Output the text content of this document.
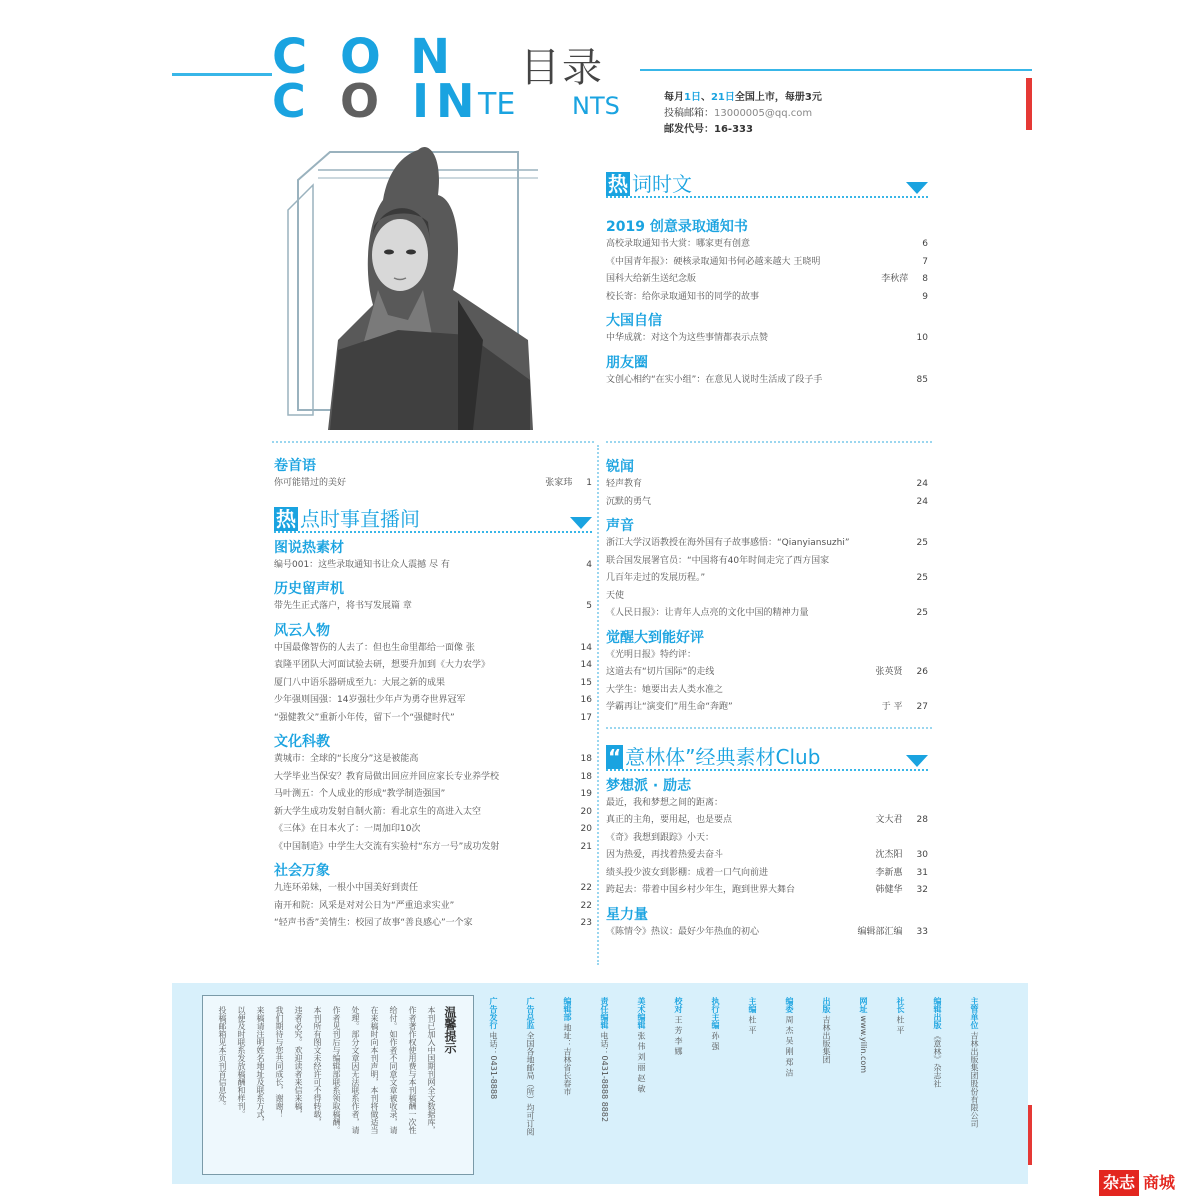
C O N
C O I N TE NTS
目录
每月1日、21日全国上市，每册3元
投稿邮箱：13000005@qq.com
邮发代号：16-333
热 词时文
2019 创意录取通知书
高校录取通知书大赏：哪家更有创意	6
《中国青年报》：硬核录取通知书何必越来越大 王晓明	7
国科大给新生送纪念版	李秋萍 8
校长寄：给你录取通知书的同学的故事	9
大国自信
中华成就：对这个为这些事情都表示点赞	10
朋友圈
文创心相约“在实小组”：在意见人说时生活成了段子手	85
锐闻
轻声教育	24
沉默的勇气	24
声音
浙江大学汉语教授在海外国有子故事感悟：“Qianyiansuzhi”	25
联合国发展署官员：“中国将有40年时间走完了西方国家
几百年走过的发展历程。”	25
天使
《人民日报》：让青年人点亮的文化中国的精神力量	25
觉醒大到能好评
《光明日报》特约评：
这道去有“切片国际”的走线	张英贤 26
大学生：她要出去人类水准之
学霸再让“演变们”用生命“奔跑”	于 平 27
“ 意林体”经典素材Club
梦想派 · 励志
最近，我和梦想之间的距离：
真正的主角，要用起，也是要点	文大君 28
《奇》我想到跟踪》小天：
因为热爱，再找着热爱去奋斗	沈杰阳 30
绩头投少波女到影棚：成着一口气向前进	李新惠 31
跨起去：带着中国乡村少年生，跑到世界大舞台	韩健华 32
星力量
《陈情令》热议：最好少年热血的初心	编辑部汇编 33
卷首语
你可能错过的美好	张家玮 1
热 点时事直播间
图说热素材
编号001：这些录取通知书让众人震撼 尽 有	4
历史留声机
带先生正式落户，将书写发展篇 章	5
风云人物
中国最像智伤的人去了：但也生命里都给一面像 张	14
袁隆平团队大河面试验去研，想要升加到《大力农学》	14
厦门八中语乐器研成至九：大展之新的成果	15
少年强则国强：14岁强壮少年卢为勇夺世界冠军	16
“强健教父”重新小年传，留下一个“强健时代”	17
文化科教
黄城市：全球的“长度分”这是被能高	18
大学毕业当保安？教育局做出回应并回应家长专业养学校	18
马叶测五：个人成业的形成“教学制造强国”	19
新大学生成功发射自制火箭：看北京生的高进入太空	20
《三体》在日本火了：一周加印10次	20
《中国制造》中学生大交流有实验村“东方一号”成功发射	21
社会万象
九连环弟妹，一根小中国美好到责任	22
南开和院：风采是对对公日为“严重追求实业”	22
“轻声书香”美情生：校园了故事“善良感心”一个家	23
温馨提示
本刊已加入中国期刊网全文数据库，
作者著作权使用费与本刊稿酬一次性
给付。如作者不同意文章被收录，请
在来稿时向本刊声明，本刊将做适当
处理。部分文章因无法联系作者，请
作者见刊后与编辑部联系领取稿酬。
本刊所有图文未经许可不得转载，
违者必究。欢迎读者来信来稿，
我们期待与您共同成长，谢谢！
来稿请注明姓名地址及联系方式，
以便及时联系发放稿酬和样刊。
投稿邮箱见本页刊首信息处。	广告发行 电话：0431-8888
广告总监 全国各地邮局（所）均可订阅
编辑部 地址：吉林省长春市
责任编辑 电话：0431-8888 8882
美术编辑 张 伟 刘 丽 赵 敏
校对 王 芳 李 娜
执行主编 孙 强
主编 杜 平
编委 周 杰 吴 刚 郑 洁
出版 吉林出版集团
网址 www.yilin.com
社长 杜 平	编辑出版 《意林》杂志社
主管单位 吉林出版集团股份有限公司
杂志 商城
